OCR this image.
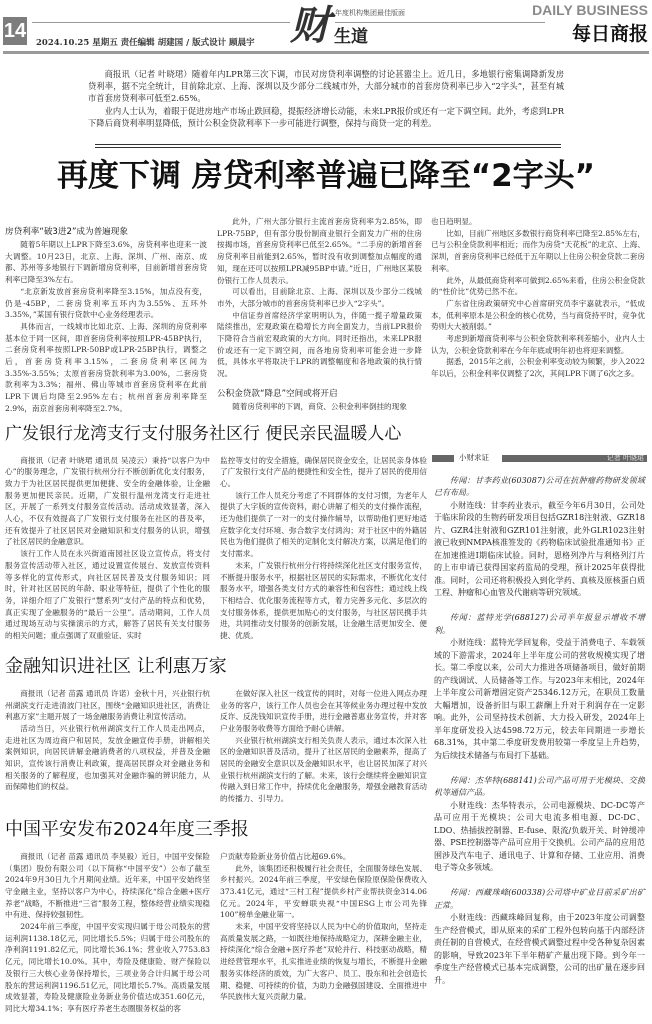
14
2024.10.25 星期五 责任编辑 胡建国 / 版式设计 顾晨宇 财 年度机构集团最佳版面
生道
DAILY BUSINESS
每日商报

商报讯（记者 叶晓珺）随着年内LPR第三次下调，市民对房贷利率调整的讨论甚嚣尘上。近几日，多地银行密集调降新发房贷利率，据不完全统计，目前除北京、上海、深圳以及少部分二线城市外，大部分城市的首套房贷利率已步入“2字头”，甚至有城市首套房贷利率可低至2.65%。

业内人士认为，着眼于促进房地产市场止跌回稳，提振经济增长动能，未来LPR报价或还有一定下调空间。此外，考虑到LPR下降后商贷利率明显降低，预计公积金贷款利率下一步可能进行调整，保持与商贷一定的利差。

再度下调 房贷利率普遍已降至“2字头”
房贷利率“破3进2”成为普遍现象

随着5年期以上LPR下降至3.6%，房贷利率也迎来一波大调整。10月23日，北京、上海、深圳、广州、南京、成都、苏州等多地银行下调新增房贷利率，目前新增首套房贷利率已降至3%左右。

“北京新发放首套房贷利率降至3.15%，加点没有变，仍是-45BP，二套房贷利率五环内为3.55%、五环外3.35%，”某国有银行贷款中心业务经理表示。

具体而言，一线城市比如北京、上海、深圳的房贷利率基本位于同一区间，即首套房贷利率按照LPR-45BP执行，二套房贷利率按照LPR-50BP或LPR-25BP执行，调整之后，首套房贷利率3.15%，二套房贷利率区间为3.35%-3.55%；太原首套房贷款利率为3.00%，二套房贷款利率为3.3%；福州、佛山等城市首套房贷利率在此前LPR下调后均降至2.95%左右；杭州首套房利率降至2.9%，南京首套房利率降至2.7%。

此外，广州大部分银行主流首套房贷利率为2.85%，即LPR-75BP，但有部分股份制商业银行全面发力广州的住房按揭市场，首套房贷利率已低至2.65%。“二手房的新增首套房贷利率目前能到2.65%，暂时没有收到调整加点幅度的通知，现在还可以按照LPR减95BP申请。”近日，广州地区某股份银行工作人员表示。

可以看出，目前除北京、上海、深圳以及少部分二线城市外，大部分城市的首套房贷利率已步入“2字头”。

中信证券首席经济学家明明认为，伴随一揽子增量政策陆续推出，宏观政策在稳增长方向全面发力，当前LPR报价下降符合当前宏观政策的大方向。同时还指出，未来LPR报价或还有一定下调空间，而各地房贷利率可能会进一步降低，具体水平将取决于LPR的调整幅度和各地政策的执行情况。

公积金贷款“降息”空间或将开启

随着房贷利率的下调，商贷、公积金利率倒挂的现象

也日趋明显。

比如，目前广州地区多数银行商贷利率已降至2.85%左右，已与公积金贷款利率相近；而作为房贷“天花板”的北京、上海、深圳，首套房贷利率已经低于五年期以上住房公积金贷款二套房利率。

此外，从最低商贷利率可做到2.65%来看，住房公积金贷款的“性价比”优势已然不在。

广东省住房政策研究中心首席研究员李宇嘉就表示，“低成本，低利率原本是公积金的核心优势，当与商贷持平时，竞争优势则大大被削弱。”

考虑到新增商贷利率与公积金贷款利率利差缩小，业内人士认为，公积金贷款利率在今年年底或明年初也将迎来调整。

据悉，2015年之前，公积金利率变动较为频繁，步入2022年以后，公积金利率仅调整了2次，其间LPR下调了6次之多。

广发银行龙湾支行支付服务社区行 便民亲民温暖人心

商报讯（记者 叶晓珺 通讯员 吴凌云）秉持“以客户为中心”的服务理念，广发银行杭州分行不断创新优化支付服务，致力于为社区居民提供更加便捷、安全的金融体验，让金融服务更加便民亲民。近期，广发银行温州龙湾支行走进社区，开展了一系列支付服务宣传活动。活动成效显著，深入人心，不仅有效提高了广发银行支付服务在社区的普及率，还有效提升了社区居民对金融知识和支付服务的认识，增强了社区居民的金融意识。

该行工作人员在永兴街道南园社区设立宣传点，将支付服务宣传活动带入社区，通过设置宣传展台、发放宣传资料等多样化的宣传形式，向社区居民普及支付服务知识；同时，针对社区居民的年龄、职业等特征，提供了个性化的服务，详细介绍了广发银行“慧系列”支付产品的特点和优势，真正实现了金融服务的“最后一公里”。活动期间，工作人员通过现场互动与实操演示的方式，解答了居民有关支付服务的相关问题；重点强调了双重验证、实时

监控等支付的安全措施，确保居民资金安全，让居民亲身体验了广发银行支付产品的便捷性和安全性，提升了居民的使用信心。

该行工作人员充分考虑了不同群体的支付习惯，为老年人提供了大字版的宣传资料，耐心讲解了相关的支付操作流程，还为他们提供了一对一的支付操作辅导，以帮助他们更好地适应数字化支付环境、弥合数字支付鸿沟；对于社区中的外籍居民也为他们提供了相关的定制化支付解决方案，以满足他们的支付需求。

未来，广发银行杭州分行将持续深化社区支付服务宣传，不断提升服务水平，根据社区居民的实际需求，不断优化支付服务水平，增强各类支付方式的兼容性和包容性；通过线上线下相结合、优化服务流程等方式，着力完善多元化、多层次的支付服务体系，提供更加贴心的支付服务，与社区居民携手共进，共同推动支付服务的创新发展，让金融生活更加安全、便捷、优质。

金融知识进社区 让利惠万家

商报讯（记者 苗露 通讯员 许诺）金秋十月，兴业银行杭州湖滨支行走进清波门社区，围绕“金融知识进社区，消费让利惠万家”主题开展了一场金融服务消费让利宣传活动。

活动当日，兴业银行杭州湖滨支行工作人员走出网点，走进社区为周边商户和居民，发放金融宣传手册，讲解相关案例知识，向居民讲解金融消费者的八项权益，并普及金融知识，宣传该行消费让利政策，提高居民群众对金融业务和相关服务的了解程度，也加强其对金融诈骗的辨识能力，从而保障他们的权益。

在做好深入社区一线宣传的同时，对每一位进入网点办理业务的客户，该行工作人员也会在其等候业务办理过程中发放反诈、反洗钱知识宣传手册，进行金融普惠业务宣传，并对客户业务服务收费等方面给予耐心讲解。

兴业银行杭州湖滨支行相关负责人表示，通过本次深入社区的金融知识普及活动，提升了社区居民的金融素养，提高了居民的金融安全意识以及金融知识水平，也让居民加深了对兴业银行杭州湖滨支行的了解。未来，该行会继续将金融知识宣传融入到日常工作中，持续优化金融服务，增强金融教育活动的传播力、引导力。

中国平安发布2024年度三季报

商报讯（记者 苗露 通讯员 李昊毅）近日，中国平安保险（集团）股份有限公司（以下简称“中国平安”）公布了截至2024年9月30日九个月期间业绩。近年来，中国平安始终坚守金融主业，坚持以客户为中心，持续深化“综合金融+医疗养老”战略，不断推进“三省”服务工程，整体经营业绩实现稳中有进、保持较强韧性。

2024年前三季度，中国平安实现归属于母公司股东的营运利润1138.18亿元，同比增长5.5%；归属于母公司股东的净利润1191.82亿元，同比增长36.1%；营业收入7753.83亿元，同比增长10.0%。其中，寿险及健康险、财产保险以及银行三大核心业务保持增长，三项业务合计归属于母公司股东的营运利润1196.51亿元，同比增长5.7%。高质量发展成效显著，寿险及健康险业务新业务价值达成351.60亿元，同比大增34.1%；享有医疗养老生态圈服务权益的客

户贡献寿险新业务价值占比超69.6%。

此外，该集团还积极履行社会责任，全面服务绿色发展、乡村振兴。2024年前三季度，平安绿色保险原保险保费收入373.41亿元，通过“三村工程”提供乡村产业帮扶资金314.06亿元。2024年，平安蝉联央视“中国ESG上市公司先锋100”榜单金融业第一。

未来，中国平安将坚持以人民为中心的价值取向，坚持走高质量发展之路，一如既往地保持战略定力，深耕金融主业，持续深化“综合金融+医疗养老”双轮并行、科技驱动战略，精进经营管理水平，扎实推进业绩的恢复与增长，不断提升金融服务实体经济的质效，为广大客户、员工、股东和社会创造长期、稳健、可持续的价值，为助力金融强国建设、全面推进中华民族伟大复兴贡献力量。

小财求证	记者 叶晓珺

传闻：甘李药业(603087)公司在抗肿瘤药物研发领域已有布局。

小财连线：甘李药业表示，截至今年6月30日，公司处于临床阶段的生物药研发项目包括GZR18注射液、GZR18片、GZR4注射液和GZR101注射液，此外GLR1023注射液已收到NMPA核准签发的《药物临床试验批准通知书》正在加速推进I期临床试验。同时，恩格列净片与利格列汀片的上市申请已获得国家药监局的受理，预计2025年获得批准。同时，公司还将积极投入到化学药、真核及原核蛋白质工程、肿瘤和心血管及代谢病等研究领域。

传闻：蓝特光学(688127)公司半年报显示增收不增利。

小财连线：蓝特光学回复称，受益于消费电子、车载领域的下游需求，2024年上半年度公司的营收规模实现了增长。第二季度以来，公司大力推进各项储备项目，做好前期的产线调试、人员储备等工作。与2023年末相比，2024年上半年度公司新增固定资产25346.12万元，在职员工数量大幅增加，设备折旧与职工薪酬上升对于利润存在一定影响。此外，公司坚持技术创新、大力投入研发，2024年上半年度研发投入达4598.72万元，较去年同期进一步增长68.31%，其中第二季度研发费用较第一季度呈上升趋势，为后续技术储备与布局打下基础。

传闻：杰华特(688141)公司产品可用于光模块、交换机等通信产品。

小财连线：杰华特表示，公司电源模块、DC-DC等产品可应用于光模块；公司大电流多相电源、DC-DC、LDO、热插拔控制器、E-fuse、限流/负载开关、时钟缓冲器、PSE控制器等产品可应用于交换机。公司产品的应用范围涉及汽车电子、通讯电子、计算和存储、工业应用、消费电子等众多领域。

传闻：西藏珠峰(600338)公司塔中矿业目前采矿出矿正常。

小财连线：西藏珠峰回复称，由于2023年度公司调整生产经营模式，即从原来的采矿工程外包转向基于内部经济责任制的自营模式，在经营模式调整过程中受各种复杂因素的影响，导致2023年下半年精矿产量出现下降。到今年一季度生产经营模式已基本完成调整，公司的出矿量在逐步回升。
